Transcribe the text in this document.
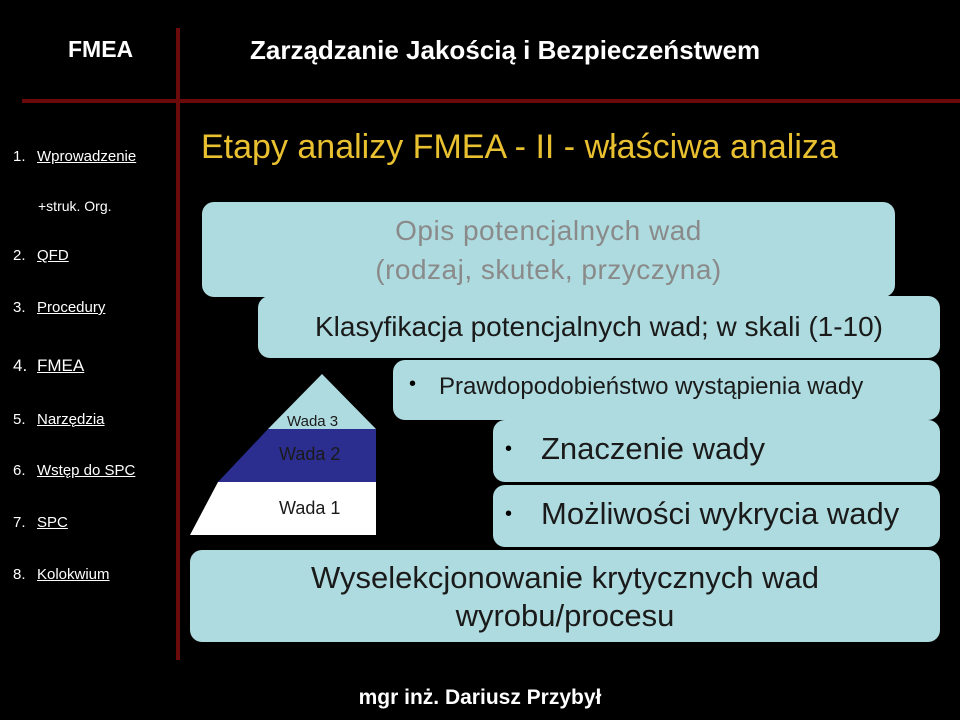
FMEA	Zarządzanie Jakością i Bezpieczeństwem
1. Wprowadzenie
+struk. Org.
2. QFD
3. Procedury
4. FMEA
5. Narzędzia
6. Wstęp do SPC
7. SPC
8. Kolokwium
Etapy analizy FMEA - II - właściwa analiza
Opis potencjalnych wad
(rodzaj, skutek, przyczyna)
Klasyfikacja potencjalnych wad; w skali (1-10)
• Prawdopodobieństwo wystąpienia wady
• Znaczenie wady
• Możliwości wykrycia wady
Wada 3
Wada 2
Wada 1
Wyselekcjonowanie krytycznych wad
wyrobu/procesu
mgr inż. Dariusz Przybył
